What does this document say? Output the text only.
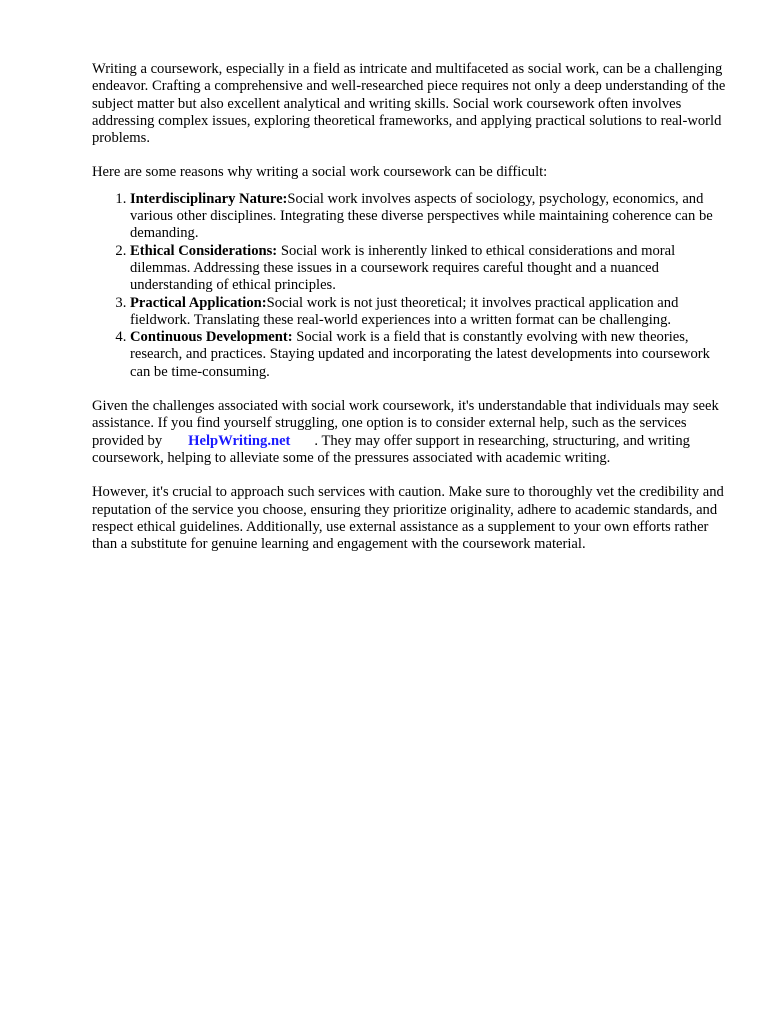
Writing a coursework, especially in a field as intricate and multifaceted as social work, can be a challenging endeavor. Crafting a comprehensive and well-researched piece requires not only a deep understanding of the subject matter but also excellent analytical and writing skills. Social work coursework often involves addressing complex issues, exploring theoretical frameworks, and applying practical solutions to real-world problems.

Here are some reasons why writing a social work coursework can be difficult:

1. Interdisciplinary Nature:Social work involves aspects of sociology, psychology, economics, and various other disciplines. Integrating these diverse perspectives while maintaining coherence can be demanding.
2. Ethical Considerations: Social work is inherently linked to ethical considerations and moral dilemmas. Addressing these issues in a coursework requires careful thought and a nuanced understanding of ethical principles.
3. Practical Application:Social work is not just theoretical; it involves practical application and fieldwork. Translating these real-world experiences into a written format can be challenging.
4. Continuous Development: Social work is a field that is constantly evolving with new theories, research, and practices. Staying updated and incorporating the latest developments into coursework can be time-consuming.

Given the challenges associated with social work coursework, it's understandable that individuals may seek assistance. If you find yourself struggling, one option is to consider external help, such as the services provided by HelpWriting.net . They may offer support in researching, structuring, and writing coursework, helping to alleviate some of the pressures associated with academic writing.

However, it's crucial to approach such services with caution. Make sure to thoroughly vet the credibility and reputation of the service you choose, ensuring they prioritize originality, adhere to academic standards, and respect ethical guidelines. Additionally, use external assistance as a supplement to your own efforts rather than a substitute for genuine learning and engagement with the coursework material.
